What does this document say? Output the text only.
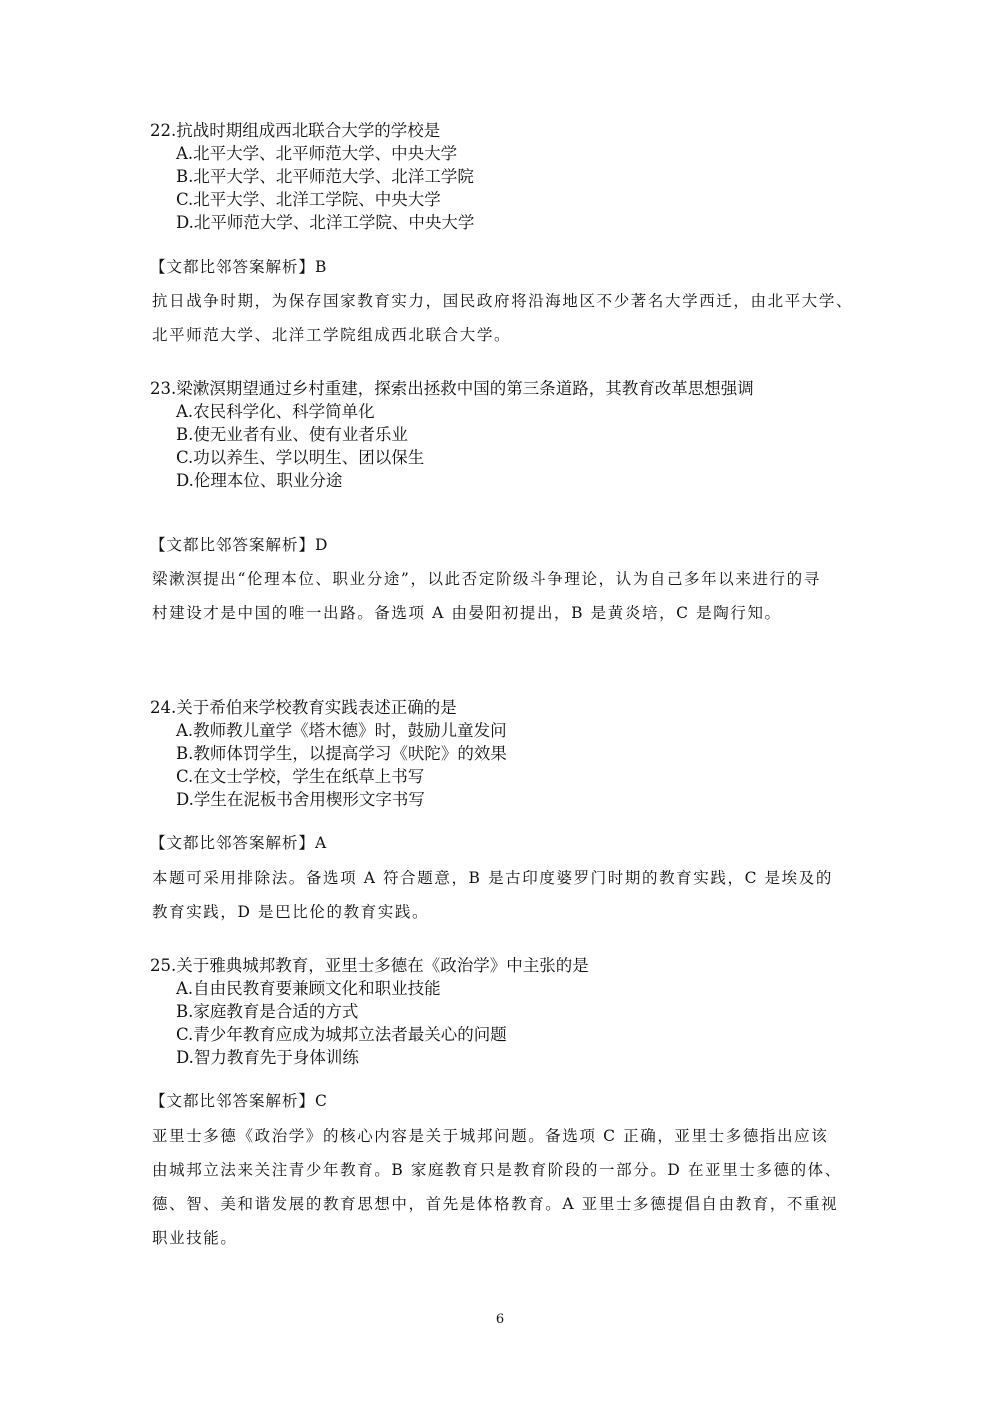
22.抗战时期组成西北联合大学的学校是
A.北平大学、北平师范大学、中央大学
B.北平大学、北平师范大学、北洋工学院
C.北平大学、北洋工学院、中央大学
D.北平师范大学、北洋工学院、中央大学
【文都比邻答案解析】B
抗日战争时期，为保存国家教育实力，国民政府将沿海地区不少著名大学西迁，由北平大学、
北平师范大学、北洋工学院组成西北联合大学。
23.梁漱溟期望通过乡村重建，探索出拯救中国的第三条道路，其教育改革思想强调
A.农民科学化、科学简单化
B.使无业者有业、使有业者乐业
C.功以养生、学以明生、团以保生
D.伦理本位、职业分途
【文都比邻答案解析】D
梁漱溟提出“伦理本位、职业分途”，以此否定阶级斗争理论，认为自己多年以来进行的寻
村建设才是中国的唯一出路。备选项 A 由晏阳初提出，B 是黄炎培，C 是陶行知。
24.关于希伯来学校教育实践表述正确的是
A.教师教儿童学《塔木德》时，鼓励儿童发问
B.教师体罚学生，以提高学习《吠陀》的效果
C.在文士学校，学生在纸草上书写
D.学生在泥板书舍用楔形文字书写
【文都比邻答案解析】A
本题可采用排除法。备选项 A 符合题意，B 是古印度婆罗门时期的教育实践，C 是埃及的
教育实践，D 是巴比伦的教育实践。
25.关于雅典城邦教育，亚里士多德在《政治学》中主张的是
A.自由民教育要兼顾文化和职业技能
B.家庭教育是合适的方式
C.青少年教育应成为城邦立法者最关心的问题
D.智力教育先于身体训练
【文都比邻答案解析】C
亚里士多德《政治学》的核心内容是关于城邦问题。备选项 C 正确，亚里士多德指出应该
由城邦立法来关注青少年教育。B 家庭教育只是教育阶段的一部分。D 在亚里士多德的体、
德、智、美和谐发展的教育思想中，首先是体格教育。A 亚里士多德提倡自由教育，不重视
职业技能。
6
